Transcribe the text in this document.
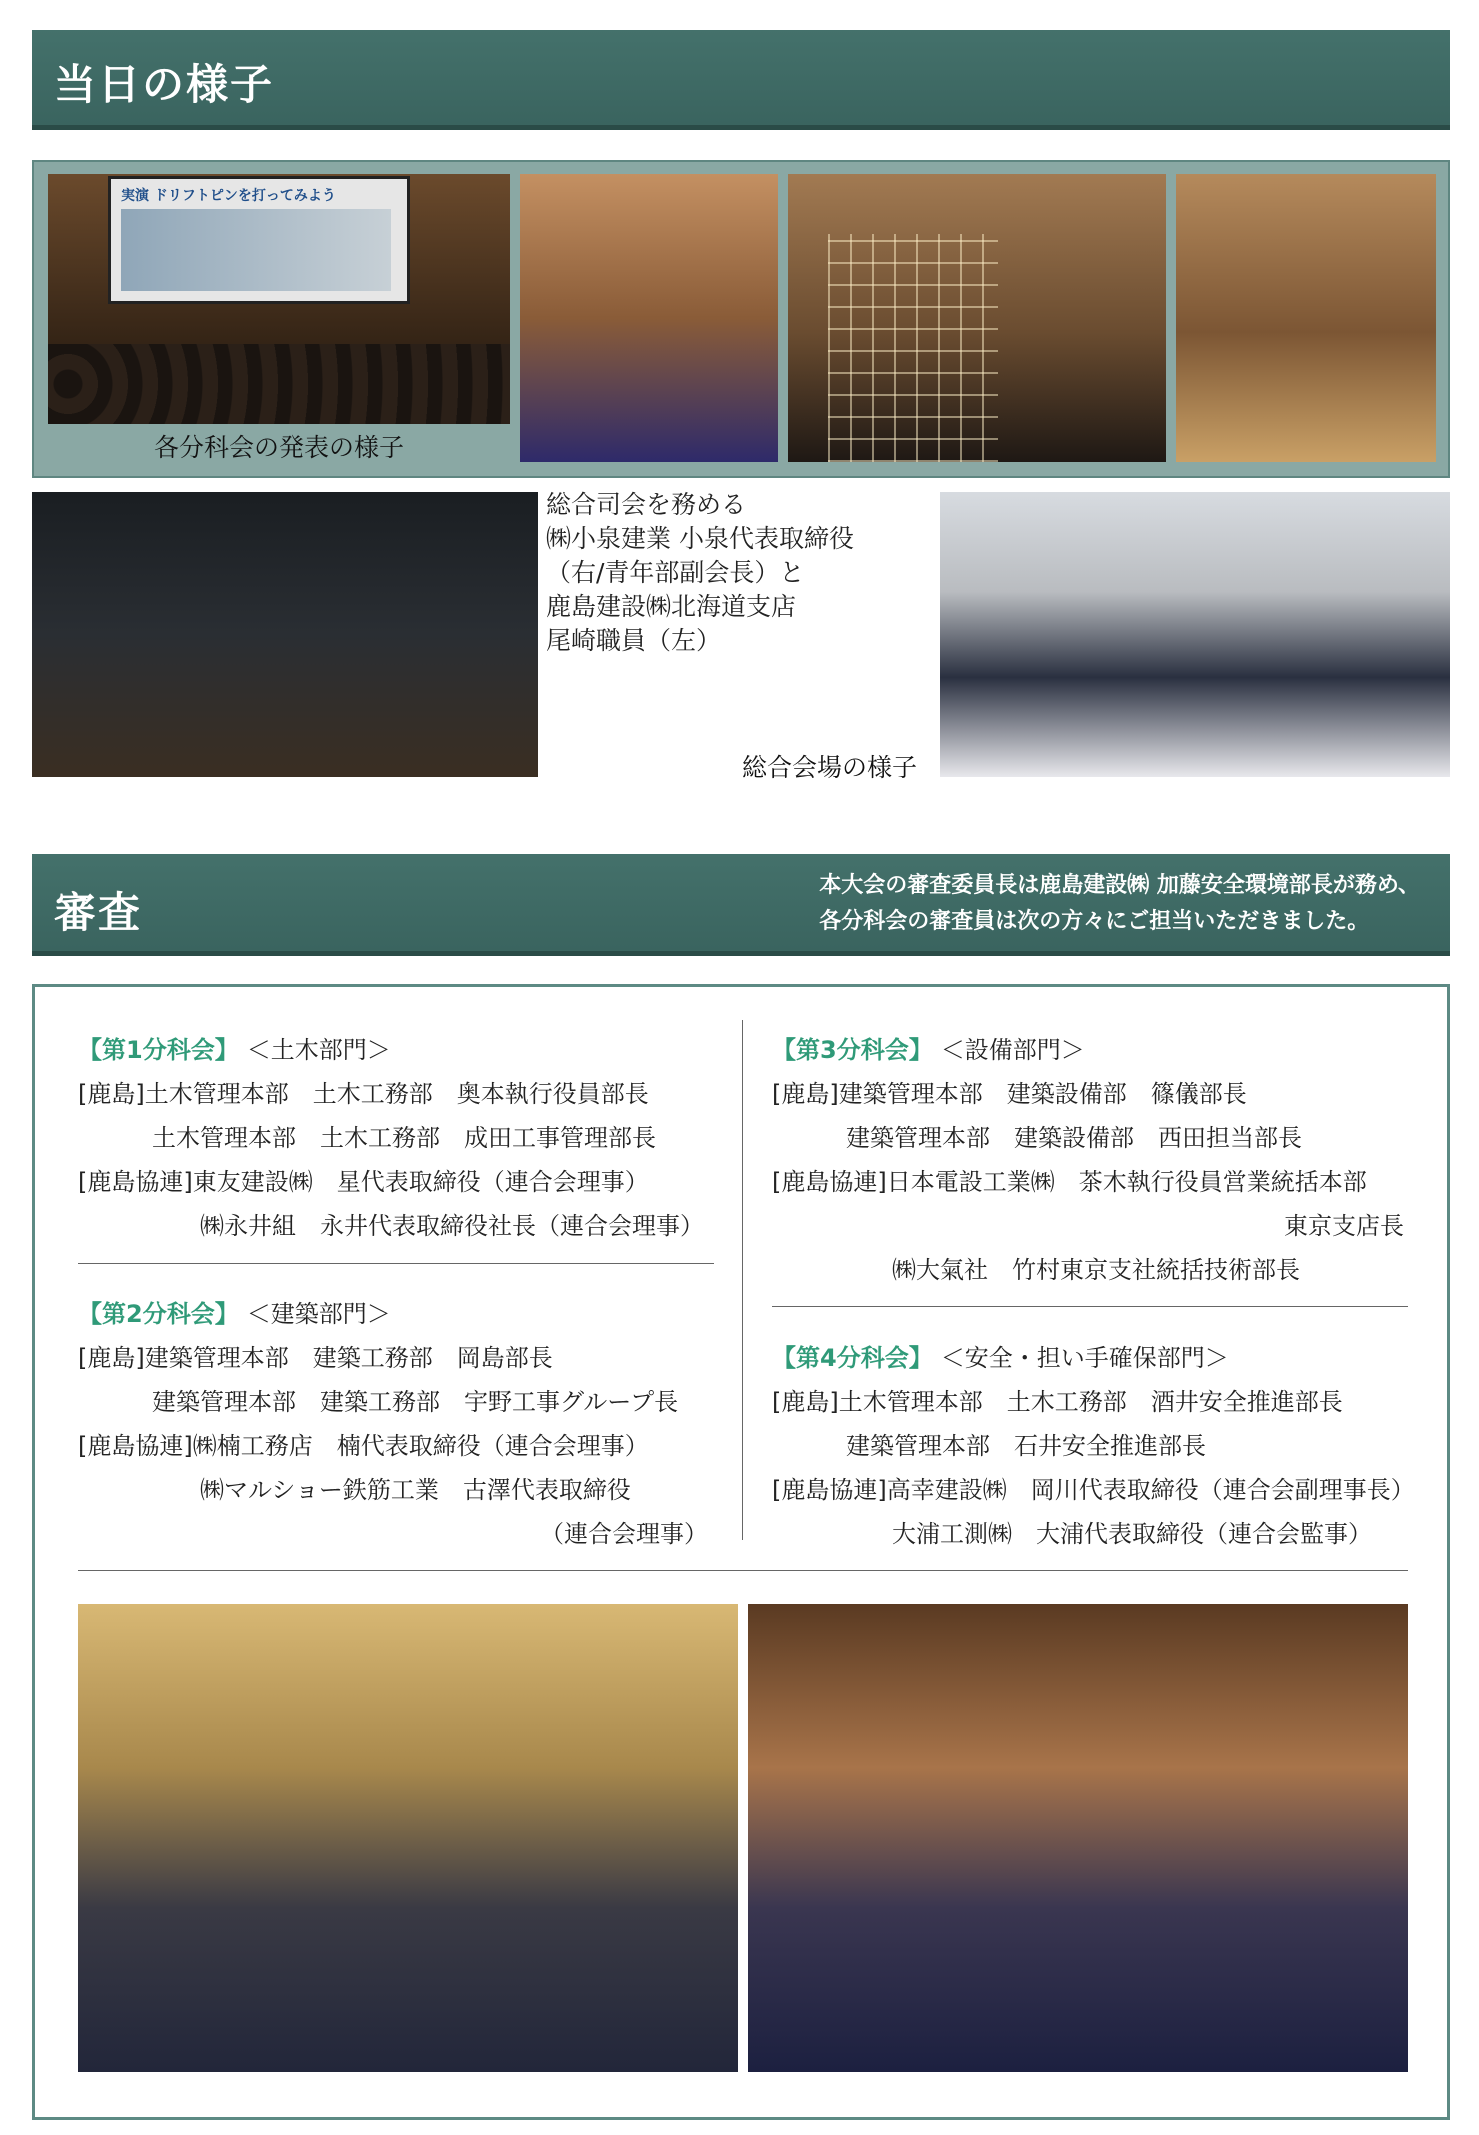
当日の様子
実演 ドリフトピンを打ってみよう
各分科会の発表の様子
総合司会を務める
㈱小泉建業 小泉代表取締役
（右/青年部副会長）と
鹿島建設㈱北海道支店
尾崎職員（左）
総合会場の様子
審査
本大会の審査委員長は鹿島建設㈱ 加藤安全環境部長が務め、
各分科会の審査員は次の方々にご担当いただきました。
【第1分科会】 ＜土木部門＞
[鹿島]土木管理本部　土木工務部　奥本執行役員部長
土木管理本部　土木工務部　成田工事管理部長
[鹿島協連]東友建設㈱　星代表取締役（連合会理事）
㈱永井組　永井代表取締役社長（連合会理事）
【第2分科会】 ＜建築部門＞
[鹿島]建築管理本部　建築工務部　岡島部長
建築管理本部　建築工務部　宇野工事グループ長
[鹿島協連]㈱楠工務店　楠代表取締役（連合会理事）
㈱マルショー鉄筋工業　古澤代表取締役
（連合会理事）
【第3分科会】 ＜設備部門＞
[鹿島]建築管理本部　建築設備部　篠儀部長
建築管理本部　建築設備部　西田担当部長
[鹿島協連]日本電設工業㈱　茶木執行役員営業統括本部
東京支店長
㈱大氣社　竹村東京支社統括技術部長
【第4分科会】 ＜安全・担い手確保部門＞
[鹿島]土木管理本部　土木工務部　酒井安全推進部長
建築管理本部　石井安全推進部長
[鹿島協連]高幸建設㈱　岡川代表取締役（連合会副理事長）
大浦工測㈱　大浦代表取締役（連合会監事）
